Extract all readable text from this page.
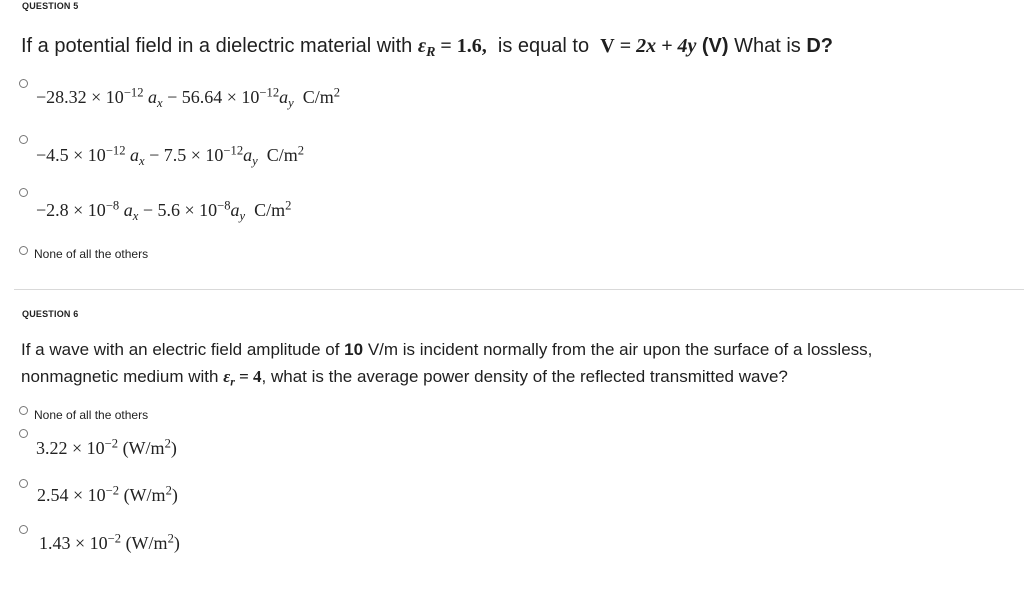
QUESTION 5
If a potential field in a dielectric material with $\varepsilon_R = 1.6$,  is equal to  V = 2x + 4y (V) What is D?
$-28.32 \times 10^{-12}$ $a_x - 56.64 \times 10^{-12}a_y$  $C/m^2$
$-4.5 \times 10^{-12}$ $a_x - 7.5 \times 10^{-12}a_y$  $C/m^2$
$-2.8 \times 10^{-8}$ $a_x - 5.6 \times 10^{-8}a_y$  $C/m^2$
None of all the others
QUESTION 6
If a wave with an electric field amplitude of 10 V/m is incident normally from the air upon the surface of a lossless,
nonmagnetic medium with $\varepsilon_r = 4$, what is the average power density of the reflected transmitted wave?
None of all the others
$3.22 \times 10^{-2}$ $(W/m^2)$
$2.54 \times 10^{-2}$ $(W/m^2)$
$1.43 \times 10^{-2}$ $(W/m^2)$
